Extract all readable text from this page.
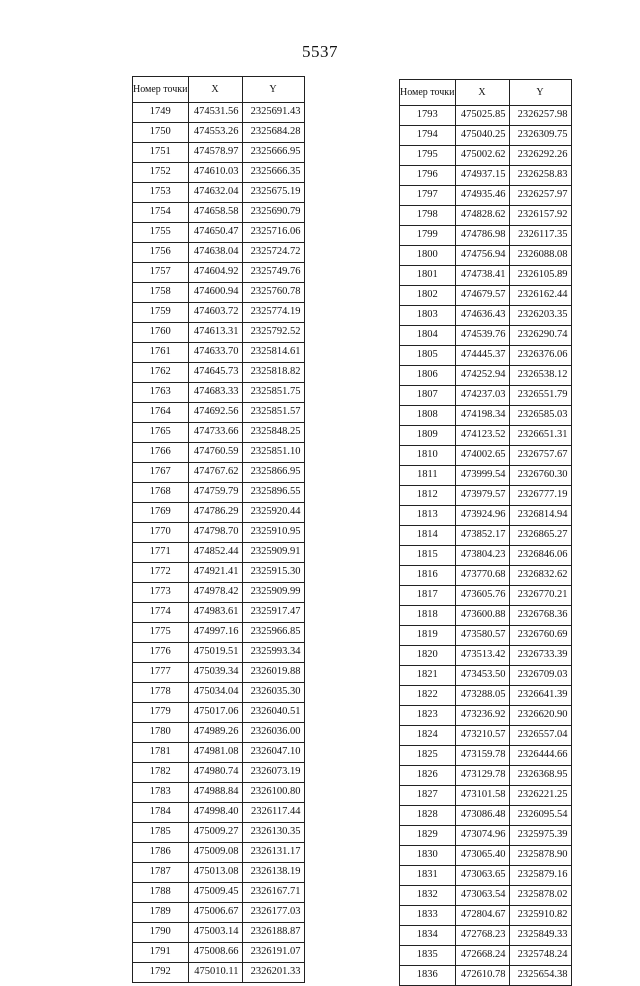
5537
Номер точки	X	Y
1749	474531.56	2325691.43
1750	474553.26	2325684.28
1751	474578.97	2325666.95
1752	474610.03	2325666.35
1753	474632.04	2325675.19
1754	474658.58	2325690.79
1755	474650.47	2325716.06
1756	474638.04	2325724.72
1757	474604.92	2325749.76
1758	474600.94	2325760.78
1759	474603.72	2325774.19
1760	474613.31	2325792.52
1761	474633.70	2325814.61
1762	474645.73	2325818.82
1763	474683.33	2325851.75
1764	474692.56	2325851.57
1765	474733.66	2325848.25
1766	474760.59	2325851.10
1767	474767.62	2325866.95
1768	474759.79	2325896.55
1769	474786.29	2325920.44
1770	474798.70	2325910.95
1771	474852.44	2325909.91
1772	474921.41	2325915.30
1773	474978.42	2325909.99
1774	474983.61	2325917.47
1775	474997.16	2325966.85
1776	475019.51	2325993.34
1777	475039.34	2326019.88
1778	475034.04	2326035.30
1779	475017.06	2326040.51
1780	474989.26	2326036.00
1781	474981.08	2326047.10
1782	474980.74	2326073.19
1783	474988.84	2326100.80
1784	474998.40	2326117.44
1785	475009.27	2326130.35
1786	475009.08	2326131.17
1787	475013.08	2326138.19
1788	475009.45	2326167.71
1789	475006.67	2326177.03
1790	475003.14	2326188.87
1791	475008.66	2326191.07
1792	475010.11	2326201.33
Номер точки	X	Y
1793	475025.85	2326257.98
1794	475040.25	2326309.75
1795	475002.62	2326292.26
1796	474937.15	2326258.83
1797	474935.46	2326257.97
1798	474828.62	2326157.92
1799	474786.98	2326117.35
1800	474756.94	2326088.08
1801	474738.41	2326105.89
1802	474679.57	2326162.44
1803	474636.43	2326203.35
1804	474539.76	2326290.74
1805	474445.37	2326376.06
1806	474252.94	2326538.12
1807	474237.03	2326551.79
1808	474198.34	2326585.03
1809	474123.52	2326651.31
1810	474002.65	2326757.67
1811	473999.54	2326760.30
1812	473979.57	2326777.19
1813	473924.96	2326814.94
1814	473852.17	2326865.27
1815	473804.23	2326846.06
1816	473770.68	2326832.62
1817	473605.76	2326770.21
1818	473600.88	2326768.36
1819	473580.57	2326760.69
1820	473513.42	2326733.39
1821	473453.50	2326709.03
1822	473288.05	2326641.39
1823	473236.92	2326620.90
1824	473210.57	2326557.04
1825	473159.78	2326444.66
1826	473129.78	2326368.95
1827	473101.58	2326221.25
1828	473086.48	2326095.54
1829	473074.96	2325975.39
1830	473065.40	2325878.90
1831	473063.65	2325879.16
1832	473063.54	2325878.02
1833	472804.67	2325910.82
1834	472768.23	2325849.33
1835	472668.24	2325748.24
1836	472610.78	2325654.38
